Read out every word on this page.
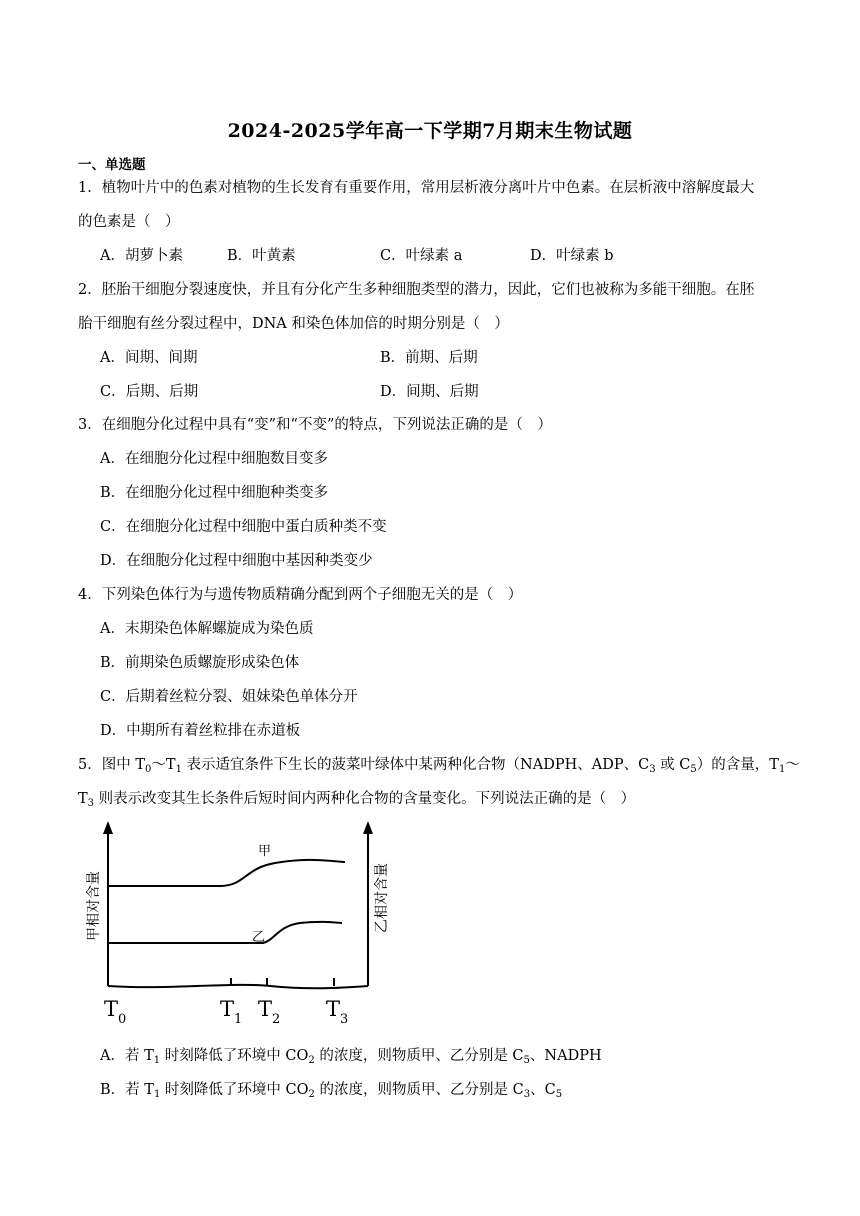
2024-2025学年高一下学期7月期末生物试题
一、单选题
1．植物叶片中的色素对植物的生长发育有重要作用，常用层析液分离叶片中色素。在层析液中溶解度最大
的色素是（　）
A．胡萝卜素	B．叶黄素	C．叶绿素 a	D．叶绿素 b
2．胚胎干细胞分裂速度快，并且有分化产生多种细胞类型的潜力，因此，它们也被称为多能干细胞。在胚
胎干细胞有丝分裂过程中，DNA 和染色体加倍的时期分别是（　）
A．间期、间期	B．前期、后期
C．后期、后期	D．间期、后期
3．在细胞分化过程中具有“变”和“不变”的特点，下列说法正确的是（　）
A．在细胞分化过程中细胞数目变多
B．在细胞分化过程中细胞种类变多
C．在细胞分化过程中细胞中蛋白质种类不变
D．在细胞分化过程中细胞中基因种类变少
4．下列染色体行为与遗传物质精确分配到两个子细胞无关的是（　）
A．末期染色体解螺旋成为染色质
B．前期染色质螺旋形成染色体
C．后期着丝粒分裂、姐妹染色单体分开
D．中期所有着丝粒排在赤道板
5．图中 $T_0\sim T_1$ 表示适宜条件下生长的菠菜叶绿体中某两种化合物（NADPH、ADP、$C_3$ 或 $C_5$）的含量，$T_1\sim$
$T_3$ 则表示改变其生长条件后短时间内两种化合物的含量变化。下列说法正确的是（　）
甲
乙
甲相对含量	乙相对含量
$T_0$	$T_1$ $T_2$ $T_3$
A．若 $T_1$ 时刻降低了环境中 $CO_2$ 的浓度，则物质甲、乙分别是 $C_5$、NADPH
B．若 $T_1$ 时刻降低了环境中 $CO_2$ 的浓度，则物质甲、乙分别是 $C_3$、$C_5$
